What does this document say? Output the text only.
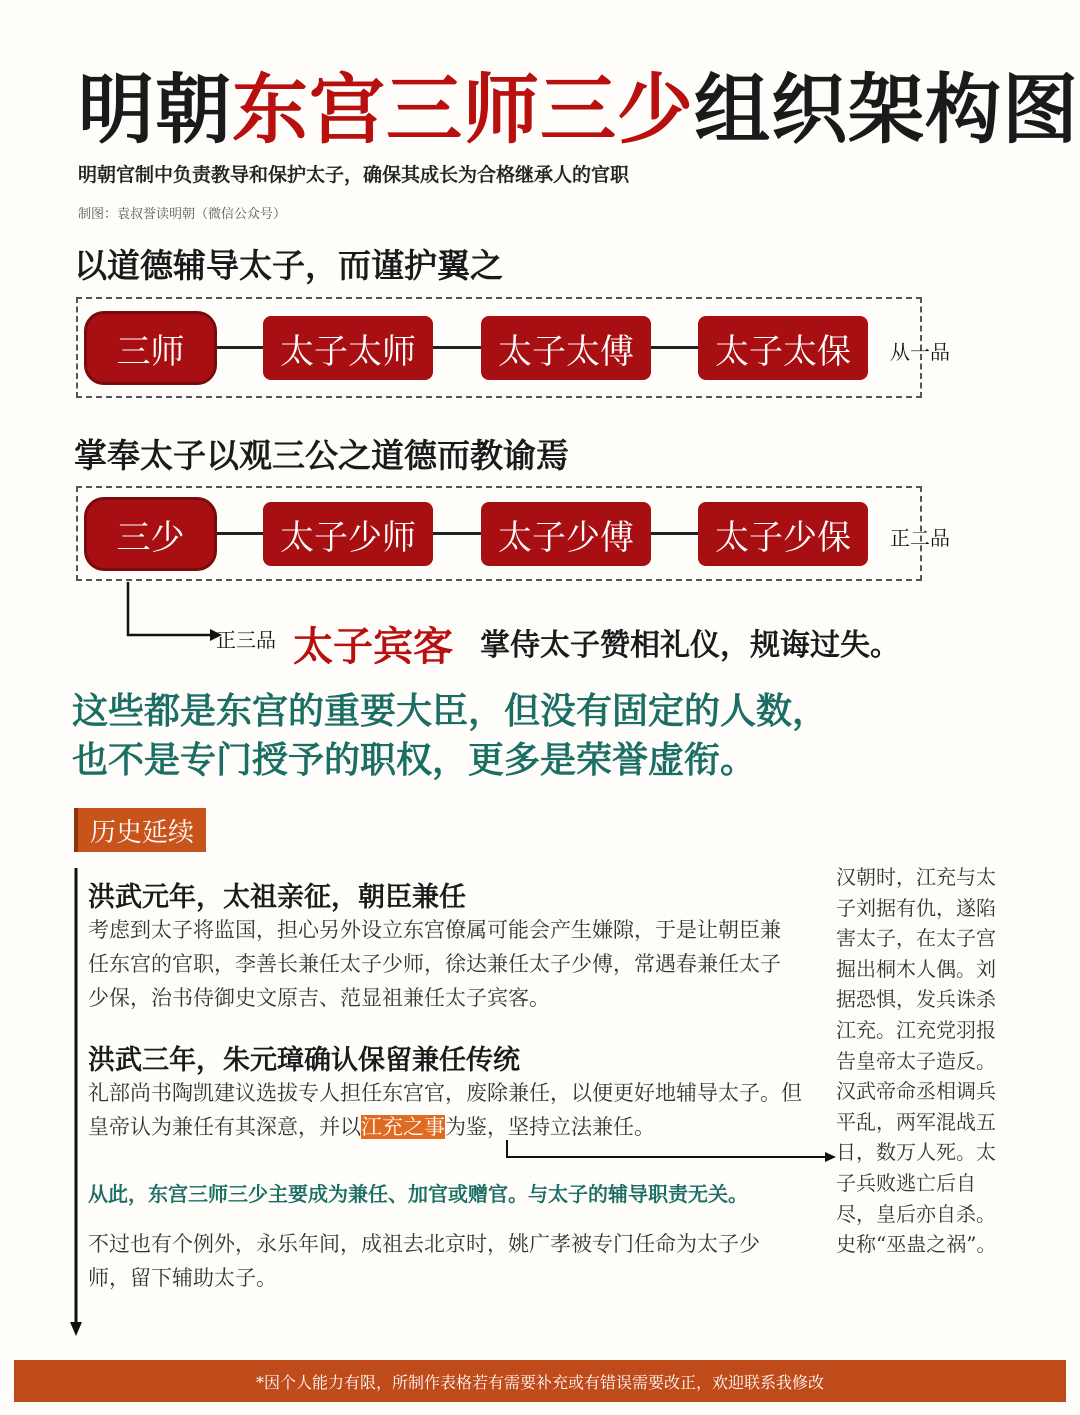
明朝东宫三师三少组织架构图
明朝官制中负责教导和保护太子，确保其成长为合格继承人的官职
制图：袁叔誉读明朝（微信公众号）
以道德辅导太子，而谨护翼之
三师	太子太师	太子太傅	太子太保	从一品
掌奉太子以观三公之道德而教谕焉
三少	太子少师	太子少傅	太子少保	正二品
正三品 太子宾客 掌侍太子赞相礼仪，规诲过失。
这些都是东宫的重要大臣，但没有固定的人数，
也不是专门授予的职权，更多是荣誉虚衔。
历史延续
洪武元年，太祖亲征，朝臣兼任
考虑到太子将监国，担心另外设立东宫僚属可能会产生嫌隙，于是让朝臣兼任东宫的官职，李善长兼任太子少师，徐达兼任太子少傅，常遇春兼任太子少保，治书侍御史文原吉、范显祖兼任太子宾客。
洪武三年，朱元璋确认保留兼任传统
礼部尚书陶凯建议选拔专人担任东宫官，废除兼任，以便更好地辅导太子。但皇帝认为兼任有其深意，并以江充之事为鉴，坚持立法兼任。
从此，东宫三师三少主要成为兼任、加官或赠官。与太子的辅导职责无关。
不过也有个例外，永乐年间，成祖去北京时，姚广孝被专门任命为太子少师，留下辅助太子。
汉朝时，江充与太子刘据有仇，遂陷害太子，在太子宫掘出桐木人偶。刘据恐惧，发兵诛杀江充。江充党羽报告皇帝太子造反。汉武帝命丞相调兵平乱，两军混战五日，数万人死。太子兵败逃亡后自尽，皇后亦自杀。史称“巫蛊之祸”。
*因个人能力有限，所制作表格若有需要补充或有错误需要改正，欢迎联系我修改
